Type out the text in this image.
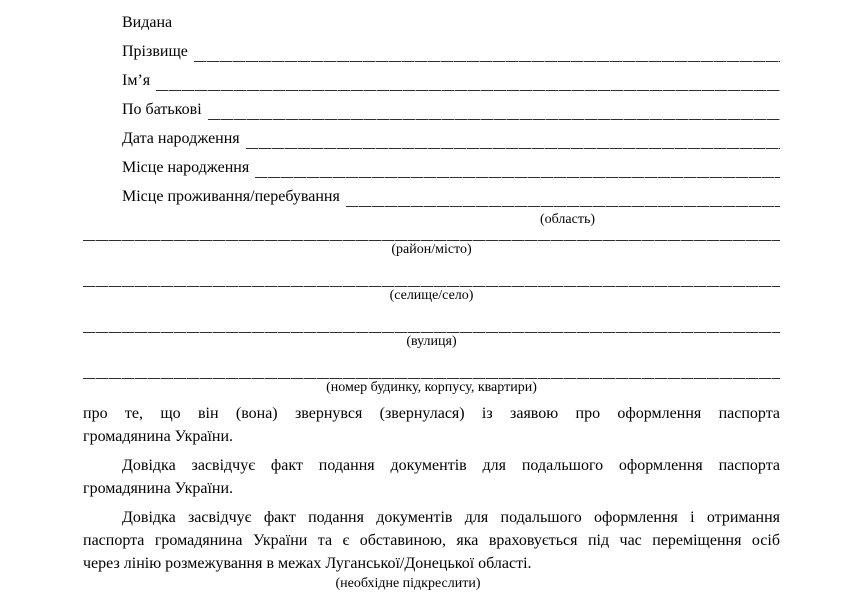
Видана
Прізвище
Ім’я
По батькові
Дата народження
Місце народження
Місце проживання/перебування
(область)
(район/місто)
(селище/село)
(вулиця)
(номер будинку, корпусу, квартири)
про те, що він (вона) звернувся (звернулася) із заявою про оформлення паспорта
громадянина України.
Довідка засвідчує факт подання документів для подальшого оформлення паспорта
громадянина України.
Довідка засвідчує факт подання документів для подальшого оформлення і отримання
паспорта громадянина України та є обставиною, яка враховується під час переміщення осіб
через лінію розмежування в межах Луганської/Донецької області.
(необхідне підкреслити)
